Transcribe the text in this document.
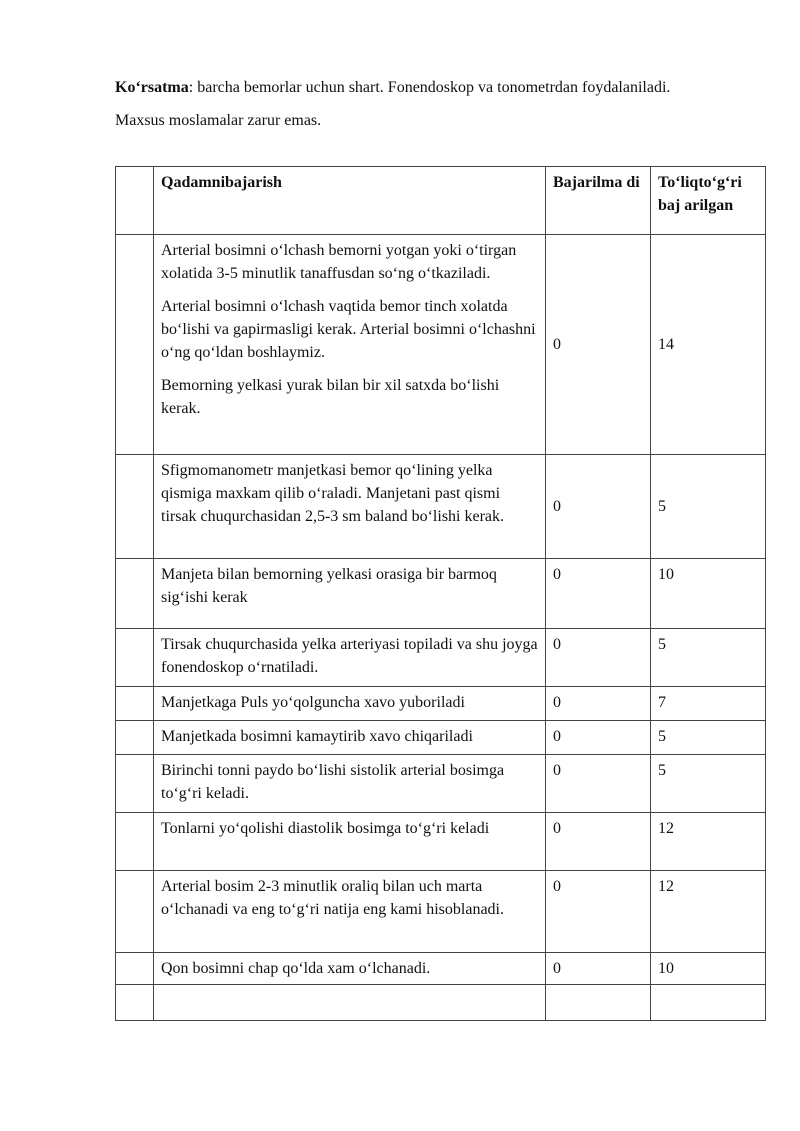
Ko‘rsatma: barcha bemorlar uchun shart. Fonendoskop va tonometrdan foydalaniladi.

Maxsus moslamalar zarur emas.

	Qadamnibajarish	Bajarilma di	To‘liqto‘g‘ri baj arilgan

	Arterial bosimni o‘lchash bemorni yotgan yoki o‘tirgan xolatida 3-5 minutlik tanaffusdan so‘ng o‘tkaziladi.

Arterial bosimni o‘lchash vaqtida bemor tinch xolatda bo‘lishi va gapirmasligi kerak. Arterial bosimni o‘lchashni o‘ng qo‘ldan boshlaymiz.

Bemorning yelkasi yurak bilan bir xil satxda bo‘lishi kerak.	0	14

	Sfigmomanometr manjetkasi bemor qo‘lining yelka qismiga maxkam qilib o‘raladi. Manjetani past qismi tirsak chuqurchasidan 2,5-3 sm baland bo‘lishi kerak.	0	5

	Manjeta bilan bemorning yelkasi orasiga bir barmoq sig‘ishi kerak	0	10

	Tirsak chuqurchasida yelka arteriyasi topiladi va shu joyga fonendoskop o‘rnatiladi.	0	5

	Manjetkaga Puls yo‘qolguncha xavo yuboriladi	0	7

	Manjetkada bosimni kamaytirib xavo chiqariladi	0	5

	Birinchi tonni paydo bo‘lishi sistolik arterial bosimga to‘g‘ri keladi.	0	5

	Tonlarni yo‘qolishi diastolik bosimga to‘g‘ri keladi	0	12

	Arterial bosim 2-3 minutlik oraliq bilan uch marta o‘lchanadi va eng to‘g‘ri natija eng kami hisoblanadi.	0	12

	Qon bosimni chap qo‘lda xam o‘lchanadi.	0	10
